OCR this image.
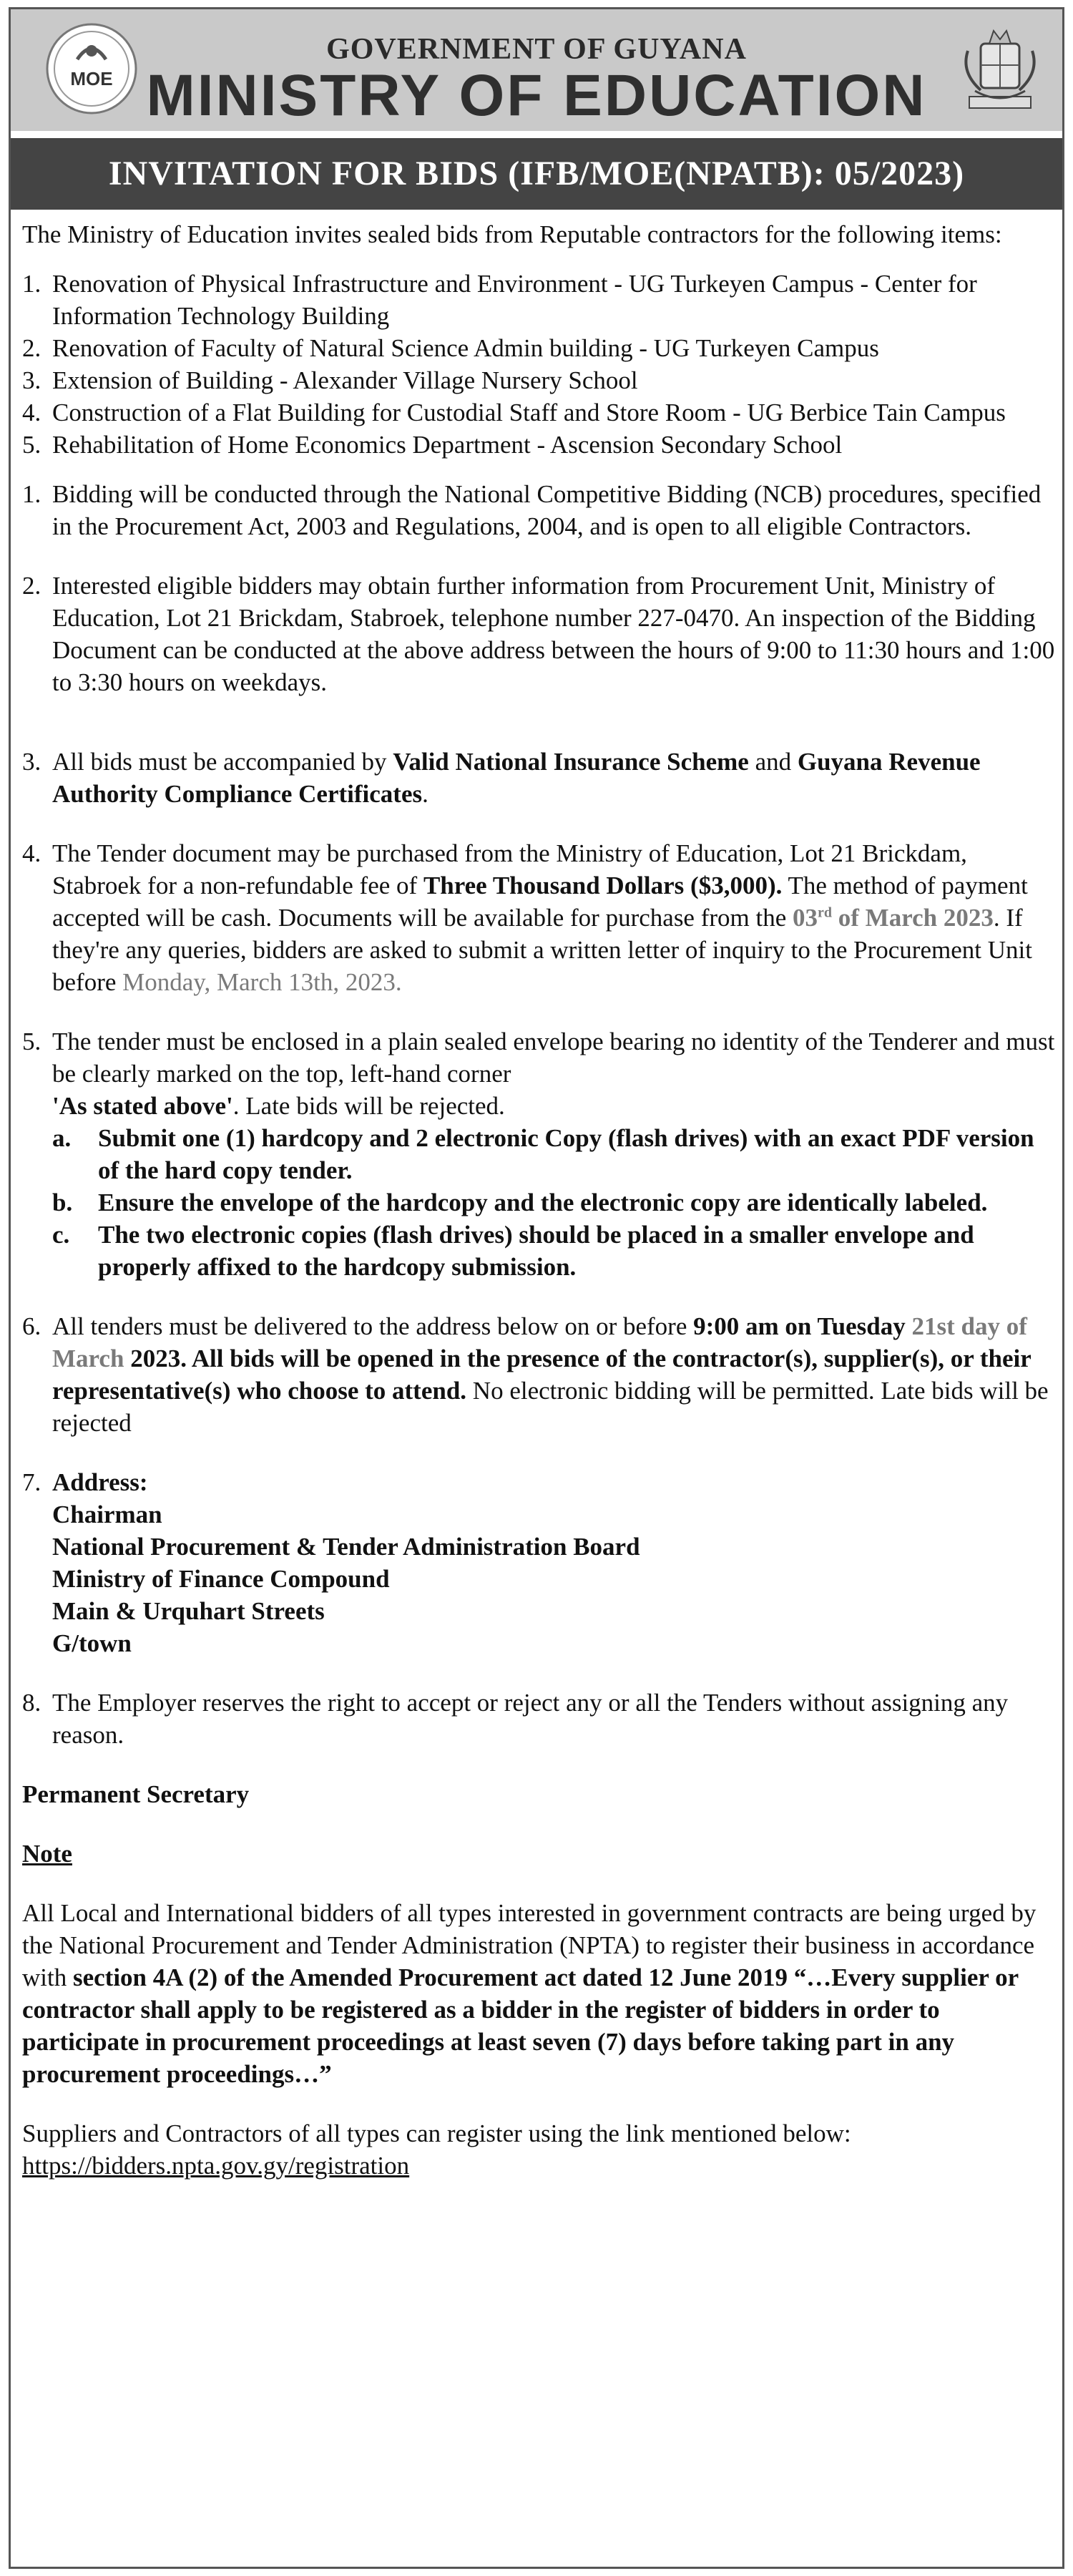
MOE
GOVERNMENT OF GUYANA
MINISTRY OF EDUCATION
INVITATION FOR BIDS (IFB/MOE(NPATB): 05/2023)

The Ministry of Education invites sealed bids from Reputable contractors for the following items:

1. Renovation of Physical Infrastructure and Environment - UG Turkeyen Campus - Center for Information Technology Building
2. Renovation of Faculty of Natural Science Admin building - UG Turkeyen Campus
3. Extension of Building - Alexander Village Nursery School
4. Construction of a Flat Building for Custodial Staff and Store Room - UG Berbice Tain Campus
5. Rehabilitation of Home Economics Department - Ascension Secondary School
1. Bidding will be conducted through the National Competitive Bidding (NCB) procedures, specified in the Procurement Act, 2003 and Regulations, 2004, and is open to all eligible Contractors.
2. Interested eligible bidders may obtain further information from Procurement Unit, Ministry of Education, Lot 21 Brickdam, Stabroek, telephone number 227-0470. An inspection of the Bidding Document can be conducted at the above address between the hours of 9:00 to 11:30 hours and 1:00 to 3:30 hours on weekdays.
3. All bids must be accompanied by Valid National Insurance Scheme and Guyana Revenue Authority Compliance Certificates.
4. The Tender document may be purchased from the Ministry of Education, Lot 21 Brickdam, Stabroek for a non-refundable fee of Three Thousand Dollars ($3,000). The method of payment accepted will be cash. Documents will be available for purchase from the 03rd of March 2023. If they're any queries, bidders are asked to submit a written letter of inquiry to the Procurement Unit before Monday, March 13th, 2023.
5. The tender must be enclosed in a plain sealed envelope bearing no identity of the Tenderer and must be clearly marked on the top, left-hand corner
'As stated above'. Late bids will be rejected.
a.	Submit one (1) hardcopy and 2 electronic Copy (flash drives) with an exact PDF version of the hard copy tender.
b.	Ensure the envelope of the hardcopy and the electronic copy are identically labeled.
c.	The two electronic copies (flash drives) should be placed in a smaller envelope and properly affixed to the hardcopy submission.
6. All tenders must be delivered to the address below on or before 9:00 am on Tuesday 21st day of March 2023. All bids will be opened in the presence of the contractor(s), supplier(s), or their representative(s) who choose to attend. No electronic bidding will be permitted. Late bids will be rejected
7. Address:
Chairman
National Procurement & Tender Administration Board
Ministry of Finance Compound
Main & Urquhart Streets
G/town
8. The Employer reserves the right to accept or reject any or all the Tenders without assigning any reason.

Permanent Secretary

Note

All Local and International bidders of all types interested in government contracts are being urged by the National Procurement and Tender Administration (NPTA) to register their business in accordance with section 4A (2) of the Amended Procurement act dated 12 June 2019 “…Every supplier or contractor shall apply to be registered as a bidder in the register of bidders in order to participate in procurement proceedings at least seven (7) days before taking part in any procurement proceedings…”

Suppliers and Contractors of all types can register using the link mentioned below: https://bidders.npta.gov.gy/registration
